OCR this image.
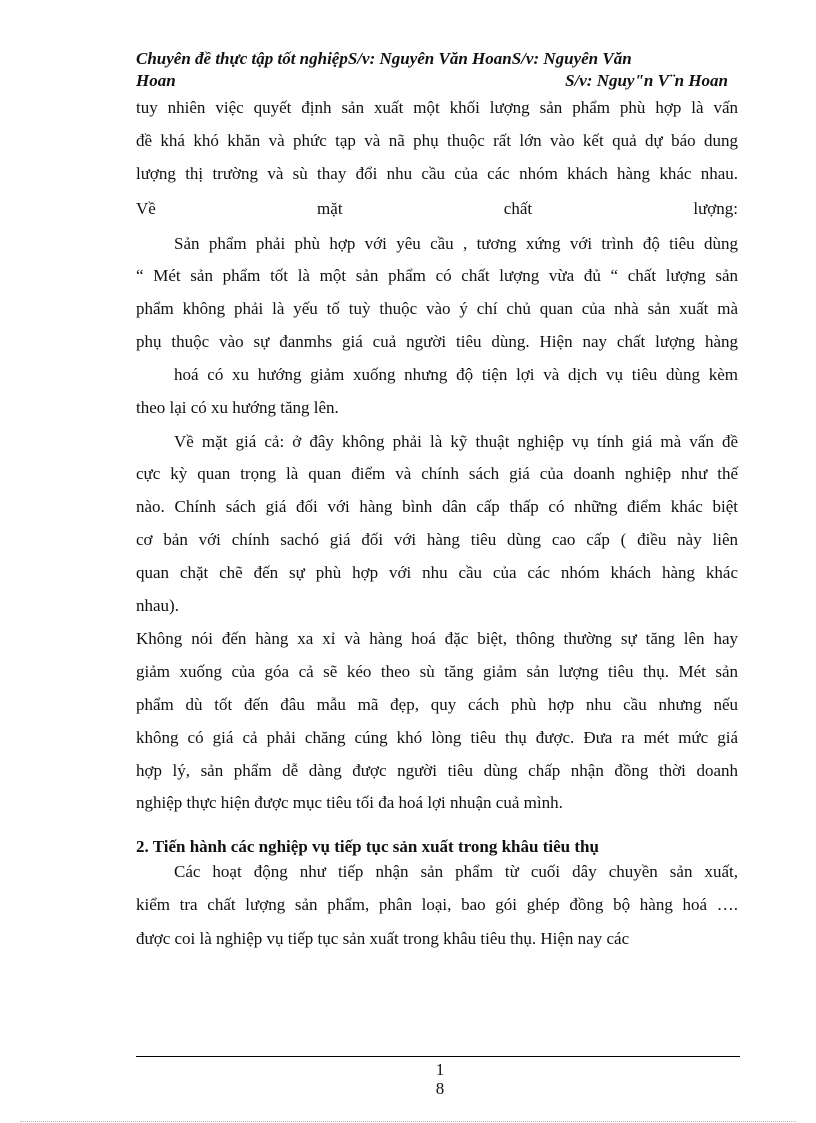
Chuyên đề thực tập tốt nghiệpS/v: Nguyên Văn HoanS/v: Nguyên Văn
Hoan	S/v: Nguy"n V¨n Hoan
tuy nhiên việc quyết định sản xuất một khối lượng sản phẩm phù hợp là vấn
đề khá khó khăn và phức tạp và nã phụ thuộc rất lớn vào kết quả dự báo dung
lượng thị trường và sù thay đổi nhu cầu của các nhóm khách hàng khác nhau.
Về mặt chất lượng:
Sản phẩm phải phù hợp với yêu cầu , tương xứng với trình độ tiêu dùng
“ Mét sản phẩm tốt là một sản phẩm có chất lượng vừa đủ “ chất lượng sản
phẩm không phải là yếu tố tuỳ thuộc vào ý chí chủ quan của nhà sản xuất mà
phụ thuộc vào sự đanmhs giá cuả người tiêu dùng. Hiện nay chất lượng hàng
hoá có xu hướng giảm xuống nhưng độ tiện lợi và dịch vụ tiêu dùng kèm
theo lại có xu hướng tăng lên.
Về mặt giá cả: ở đây không phải là kỹ thuật nghiệp vụ tính giá mà vấn đề
cực kỳ quan trọng là quan điểm và chính sách giá của doanh nghiệp như thế
nào. Chính sách giá đối với hàng bình dân cấp thấp có những điểm khác biệt
cơ bản với chính sachó giá đối với hàng tiêu dùng cao cấp ( điều này liên
quan chặt chẽ đến sự phù hợp với nhu cầu của các nhóm khách hàng khác
nhau).
Không nói đến hàng xa xỉ và hàng hoá đặc biệt, thông thường sự tăng lên hay
giảm xuống của góa cả sẽ kéo theo sù tăng giảm sản lượng tiêu thụ. Mét sản
phẩm dù tốt đến đâu mẫu mã đẹp, quy cách phù hợp nhu cầu nhưng nếu
không có giá cả phải chăng cúng khó lòng tiêu thụ được. Đưa ra mét mức giá
hợp lý, sản phẩm dễ dàng được người tiêu dùng chấp nhận đồng thời doanh
nghiệp thực hiện được mục tiêu tối đa hoá lợi nhuận cuả mình.
2. Tiến hành các nghiệp vụ tiếp tục sản xuất trong khâu tiêu thụ
Các hoạt động như tiếp nhận sản phẩm từ cuối dây chuyền sản xuất,
kiểm tra chất lượng sản phẩm, phân loại, bao gói ghép đồng bộ hàng hoá ….
được coi là nghiệp vụ tiếp tục sản xuất trong khâu tiêu thụ. Hiện nay các
1
8
